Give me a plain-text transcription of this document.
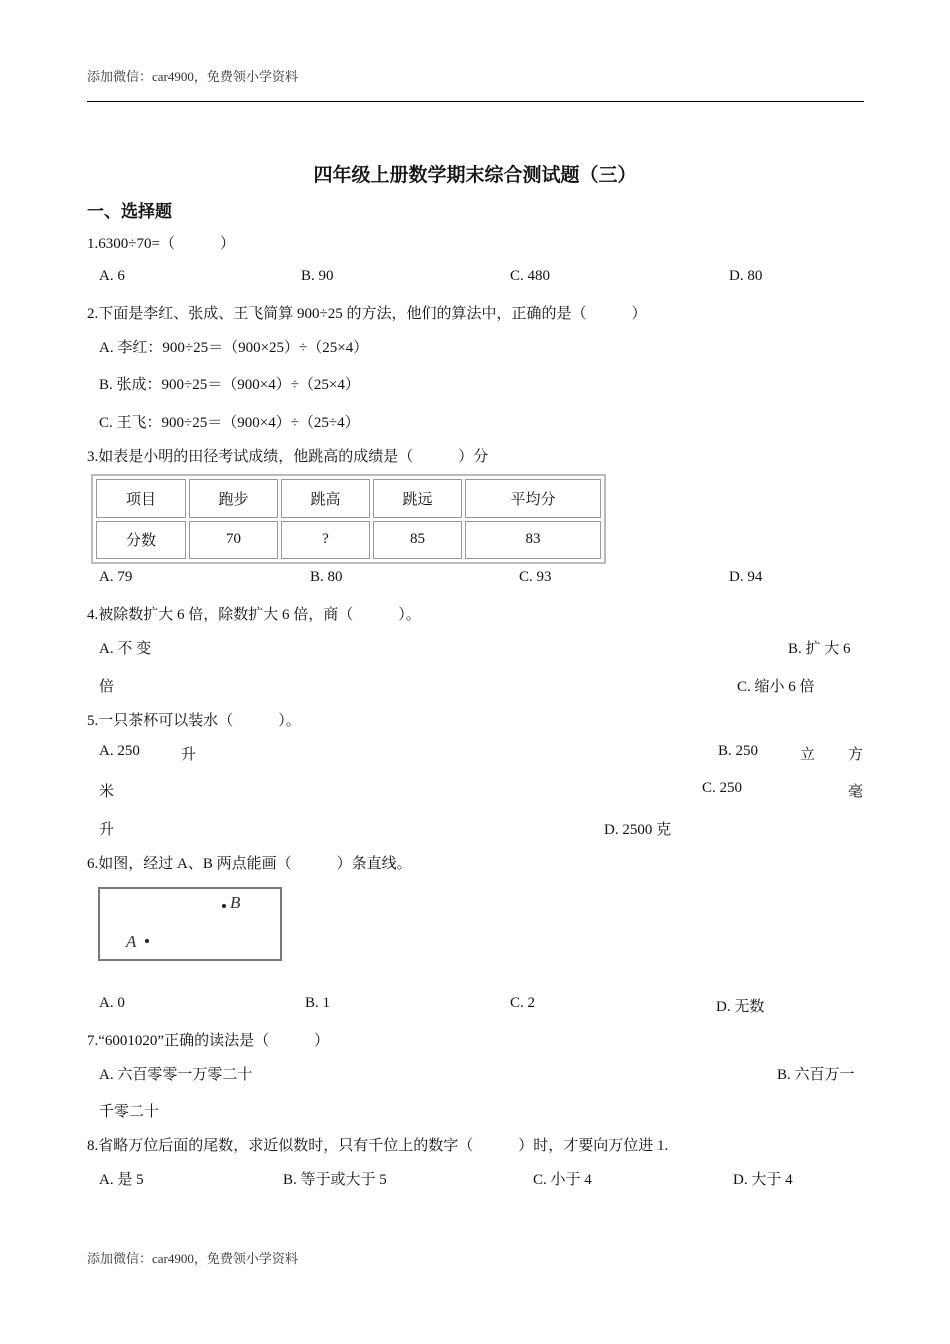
添加微信：car4900，免费领小学资料
四年级上册数学期末综合测试题（三）
一、选择题
1.6300÷70=（　　　）
A. 6	B. 90	C. 480	D. 80
2.下面是李红、张成、王飞简算 900÷25 的方法，他们的算法中，正确的是（　　　）
A. 李红：900÷25＝（900×25）÷（25×4）
B. 张成：900÷25＝（900×4）÷（25×4）
C. 王飞：900÷25＝（900×4）÷（25÷4）
3.如表是小明的田径考试成绩，他跳高的成绩是（　　　）分
项目	跑步	跳高	跳远	平均分
分数	70	?	85	83
A. 79	B. 80	C. 93	D. 94
4.被除数扩大 6 倍，除数扩大 6 倍，商（　　　）。
A. 不 变	B. 扩 大 6
倍	C. 缩小 6 倍
5.一只茶杯可以装水（　　　）。
A. 250	升	B. 250	立 方
米	C. 250	毫
升	D. 2500 克
6.如图，经过 A、B 两点能画（　　　）条直线。
B
A
A. 0	B. 1	C. 2	D. 无数
7.“6001020”正确的读法是（　　　）
A. 六百零零一万零二十	B. 六百万一
千零二十
8.省略万位后面的尾数，求近似数时，只有千位上的数字（　　　）时，才要向万位进 1.
A. 是 5	B. 等于或大于 5	C. 小于 4	D. 大于 4
添加微信：car4900，免费领小学资料
